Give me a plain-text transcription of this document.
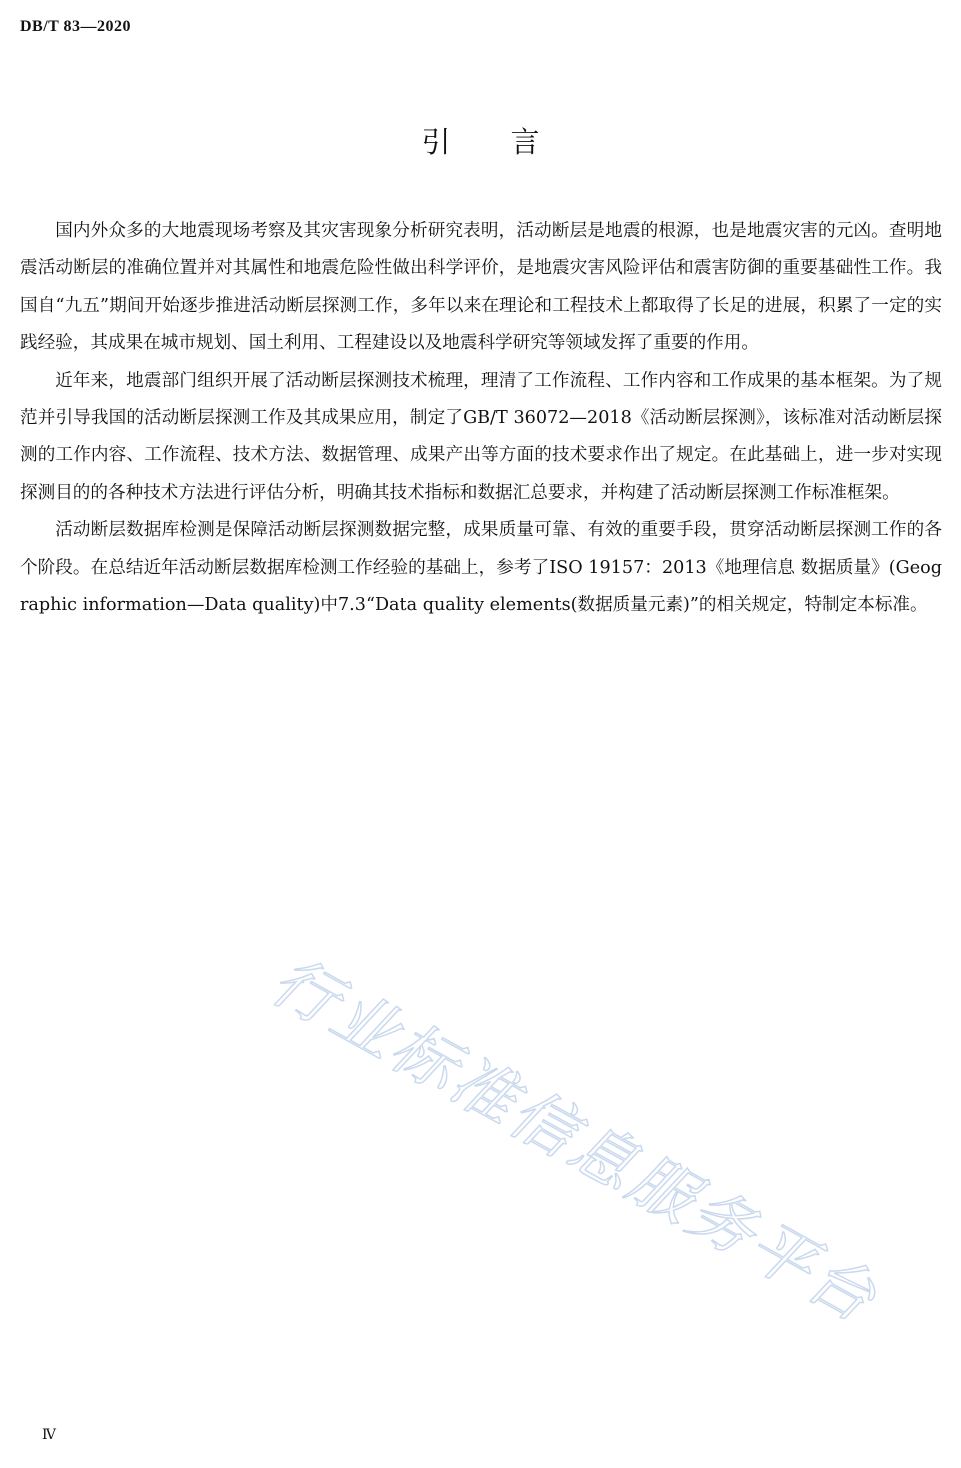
DB/T 83—2020
引言

国内外众多的大地震现场考察及其灾害现象分析研究表明，活动断层是地震的根源，也是地震灾害的元凶。查明地震活动断层的准确位置并对其属性和地震危险性做出科学评价，是地震灾害风险评估和震害防御的重要基础性工作。我国自“九五”期间开始逐步推进活动断层探测工作，多年以来在理论和工程技术上都取得了长足的进展，积累了一定的实践经验，其成果在城市规划、国土利用、工程建设以及地震科学研究等领域发挥了重要的作用。

近年来，地震部门组织开展了活动断层探测技术梳理，理清了工作流程、工作内容和工作成果的基本框架。为了规范并引导我国的活动断层探测工作及其成果应用，制定了GB/T 36072—2018《活动断层探测》，该标准对活动断层探测的工作内容、工作流程、技术方法、数据管理、成果产出等方面的技术要求作出了规定。在此基础上，进一步对实现探测目的的各种技术方法进行评估分析，明确其技术指标和数据汇总要求，并构建了活动断层探测工作标准框架。

活动断层数据库检测是保障活动断层探测数据完整，成果质量可靠、有效的重要手段，贯穿活动断层探测工作的各个阶段。在总结近年活动断层数据库检测工作经验的基础上，参考了ISO 19157：2013《地理信息 数据质量》(Geographic information—Data quality)中7.3“Data quality elements(数据质量元素)”的相关规定，特制定本标准。

行业标准信息服务平台
Ⅳ
